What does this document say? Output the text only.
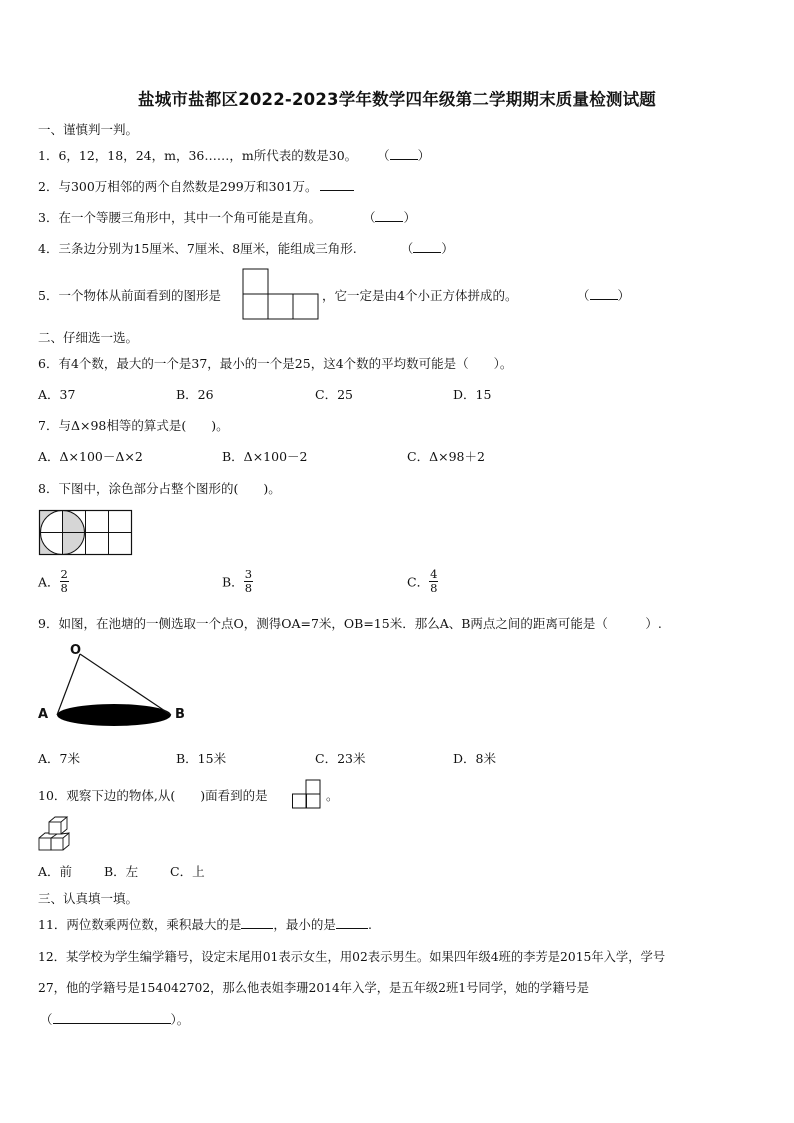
盐城市盐都区2022-2023学年数学四年级第二学期期末质量检测试题
一、谨慎判一判。
1．6，12，18，24，m，36……，m所代表的数是30。 （ ）
2．与300万相邻的两个自然数是299万和301万。
3．在一个等腰三角形中，其中一个角可能是直角。	（ ）
4．三条边分别为15厘米、7厘米、8厘米，能组成三角形.	（ ）
5．一个物体从前面看到的图形是	，它一定是由4个小正方体拼成的。	（ ）
二、仔细选一选。
6．有4个数，最大的一个是37，最小的一个是25，这4个数的平均数可能是（　　）。
A．37	B．26	C．25	D．15
7．与Δ×98相等的算式是(　　)。
A．Δ×100－Δ×2	B．Δ×100－2	C．Δ×98＋2
8．下图中，涂色部分占整个图形的(　　)。
A． $\frac{2}{8}$	B． $\frac{3}{8}$	C． $\frac{4}{8}$
9．如图，在池塘的一侧选取一个点O，测得OA=7米，OB=15米．那么A、B两点之间的距离可能是（　　　）.
O
A	B
A．7米	B．15米	C．23米	D．8米
10．观察下边的物体,从(　　)面看到的是	。
A．前	B．左	C．上
三、认真填一填。
11．两位数乘两位数，乘积最大的是	，最小的是	.
12．某学校为学生编学籍号，设定末尾用01表示女生，用02表示男生。如果四年级4班的李芳是2015年入学，学号
27，他的学籍号是154042702，那么他表姐李珊2014年入学，是五年级2班1号同学，她的学籍号是
（	）。
